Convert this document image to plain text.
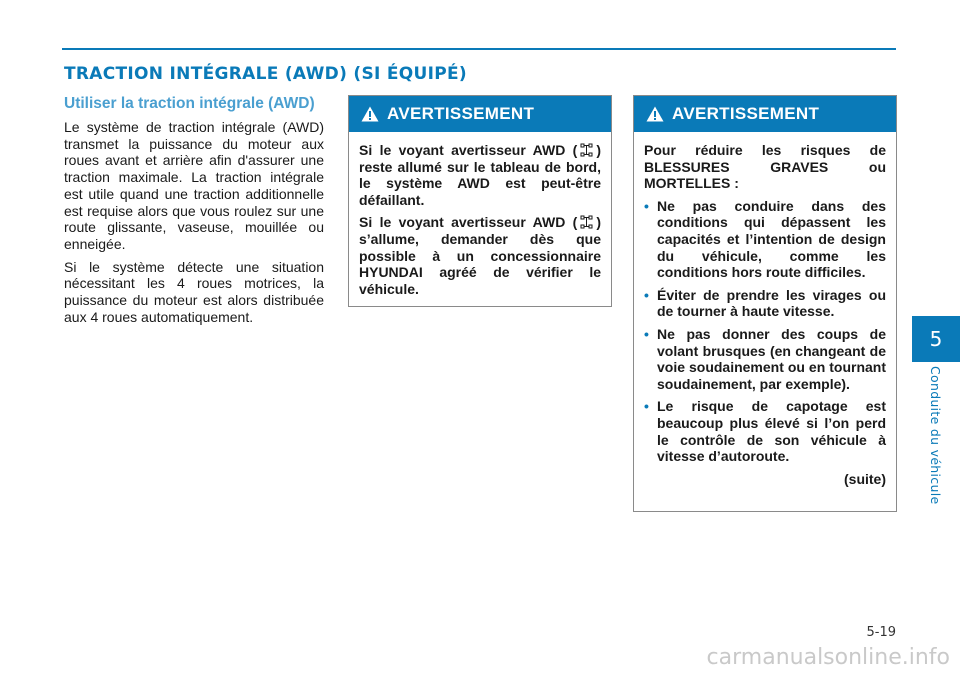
TRACTION INTÉGRALE (AWD) (SI ÉQUIPÉ)
Utiliser la traction intégrale (AWD)

Le système de traction intégrale (AWD) transmet la puissance du moteur aux roues avant et arrière afin d'assurer une traction maximale. La traction intégrale est utile quand une traction additionnelle est requise alors que vous roulez sur une route glissante, vaseuse, mouillée ou enneigée.

Si le système détecte une situation nécessitant les 4 roues motrices, la puissance du moteur est alors distribuée aux 4 roues automatiquement.

AVERTISSEMENT

Si le voyant avertisseur AWD ( ) reste allumé sur le tableau de bord, le système AWD est peut-être défaillant.

Si le voyant avertisseur AWD ( ) s’allume, demander dès que possible à un concessionnaire HYUNDAI agréé de vérifier le véhicule.

AVERTISSEMENT

Pour réduire les risques de BLESSURES GRAVES ou MORTELLES :

• Ne pas conduire dans des conditions qui dépassent les capacités et l’intention de design du véhicule, comme les conditions hors route difficiles.
• Éviter de prendre les virages ou de tourner à haute vitesse.
• Ne pas donner des coups de volant brusques (en changeant de voie soudainement ou en tournant soudainement, par exemple).
• Le risque de capotage est beaucoup plus élevé si l’on perd le contrôle de son véhicule à vitesse d’autoroute.

(suite)

5
Conduite du véhicule
5-19
carmanualsonline.info
